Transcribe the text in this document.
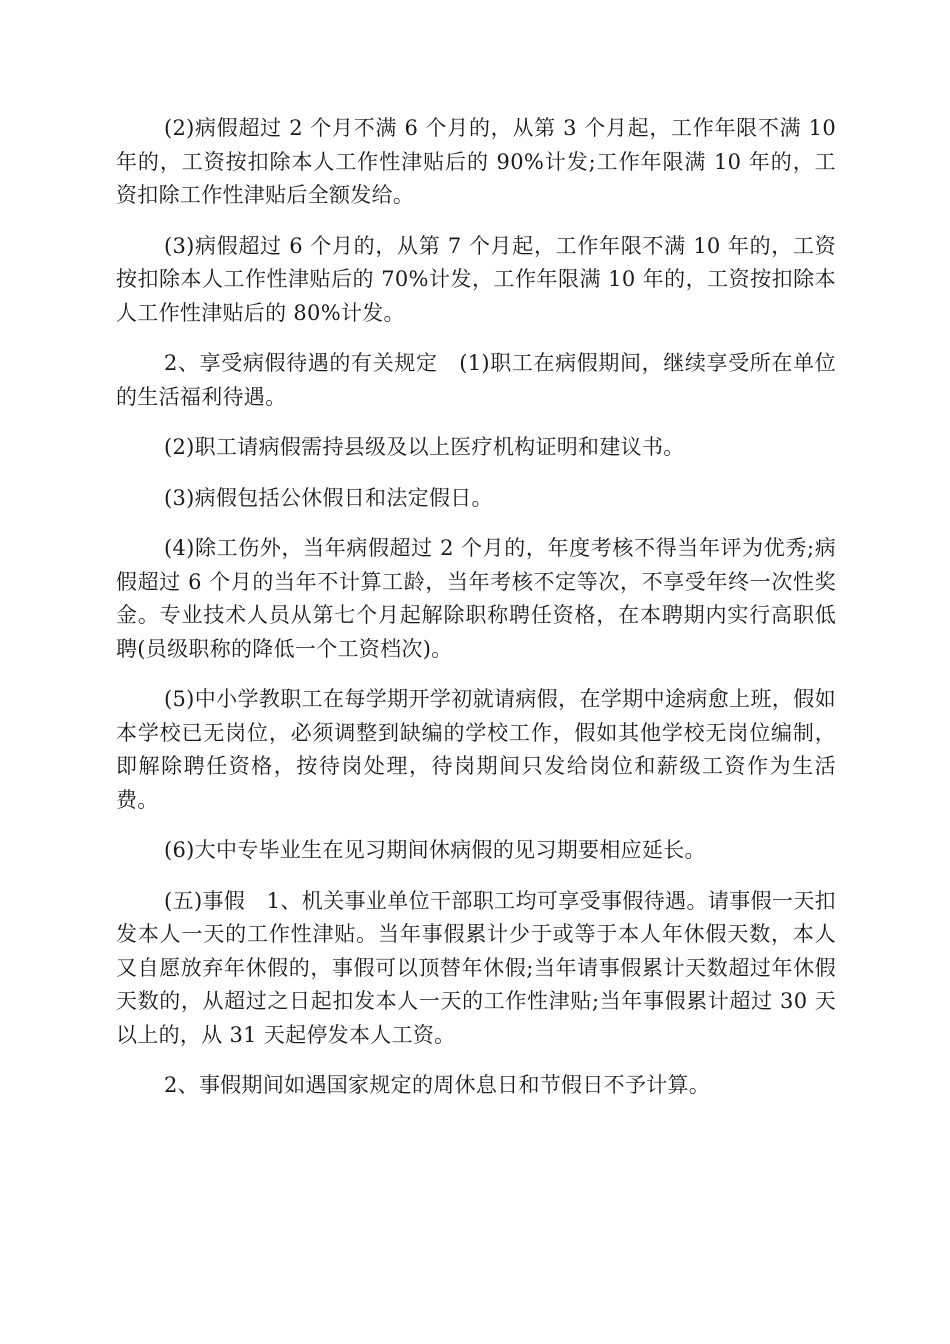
(2)病假超过 2 个月不满 6 个月的，从第 3 个月起，工作年限不满 10 年的，工资按扣除本人工作性津贴后的 90%计发;工作年限满 10 年的，工资扣除工作性津贴后全额发给。

(3)病假超过 6 个月的，从第 7 个月起，工作年限不满 10 年的，工资按扣除本人工作性津贴后的 70%计发，工作年限满 10 年的，工资按扣除本人工作性津贴后的 80%计发。

2、享受病假待遇的有关规定　(1)职工在病假期间，继续享受所在单位的生活福利待遇。

(2)职工请病假需持县级及以上医疗机构证明和建议书。

(3)病假包括公休假日和法定假日。

(4)除工伤外，当年病假超过 2 个月的，年度考核不得当年评为优秀;病假超过 6 个月的当年不计算工龄，当年考核不定等次，不享受年终一次性奖金。专业技术人员从第七个月起解除职称聘任资格，在本聘期内实行高职低聘(员级职称的降低一个工资档次)。

(5)中小学教职工在每学期开学初就请病假，在学期中途病愈上班，假如本学校已无岗位，必须调整到缺编的学校工作，假如其他学校无岗位编制，即解除聘任资格，按待岗处理，待岗期间只发给岗位和薪级工资作为生活费。

(6)大中专毕业生在见习期间休病假的见习期要相应延长。

(五)事假　1、机关事业单位干部职工均可享受事假待遇。请事假一天扣发本人一天的工作性津贴。当年事假累计少于或等于本人年休假天数，本人又自愿放弃年休假的，事假可以顶替年休假;当年请事假累计天数超过年休假天数的，从超过之日起扣发本人一天的工作性津贴;当年事假累计超过 30 天以上的，从 31 天起停发本人工资。

2、事假期间如遇国家规定的周休息日和节假日不予计算。
